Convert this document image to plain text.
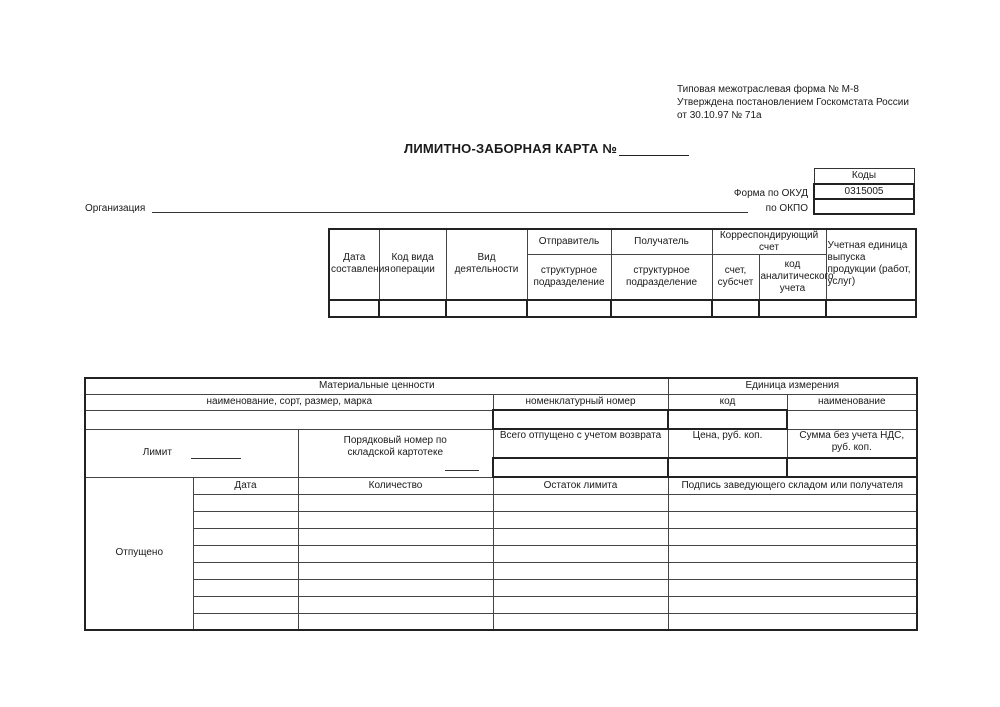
Типовая межотраслевая форма № М-8
Утверждена постановлением Госкомстата России
от 30.10.97 № 71а
ЛИМИТНО-ЗАБОРНАЯ КАРТА №
Коды
0315005

Форма по ОКУД
по ОКПО
Организация
Дата составления	Код вида операции	Вид деятельности	Отправитель	Получатель	Корреспондирующий счет		Учетная единица выпуска продукции (работ, услуг)
			структурное подразделение	структурное подразделение	счет, субсчет	код аналитического учета	

Материальные ценности				Единица измерения	
наименование, сорт, размер, марка			номенклатурный номер	код	наименование

Лимит		Порядковый номер по складской картотеке	Всего отпущено с учетом возврата	Цена, руб. коп.	Сумма без учета НДС, руб. коп.

Отпущено	Дата	Количество	Остаток лимита	Подпись заведующего складом или получателя	
